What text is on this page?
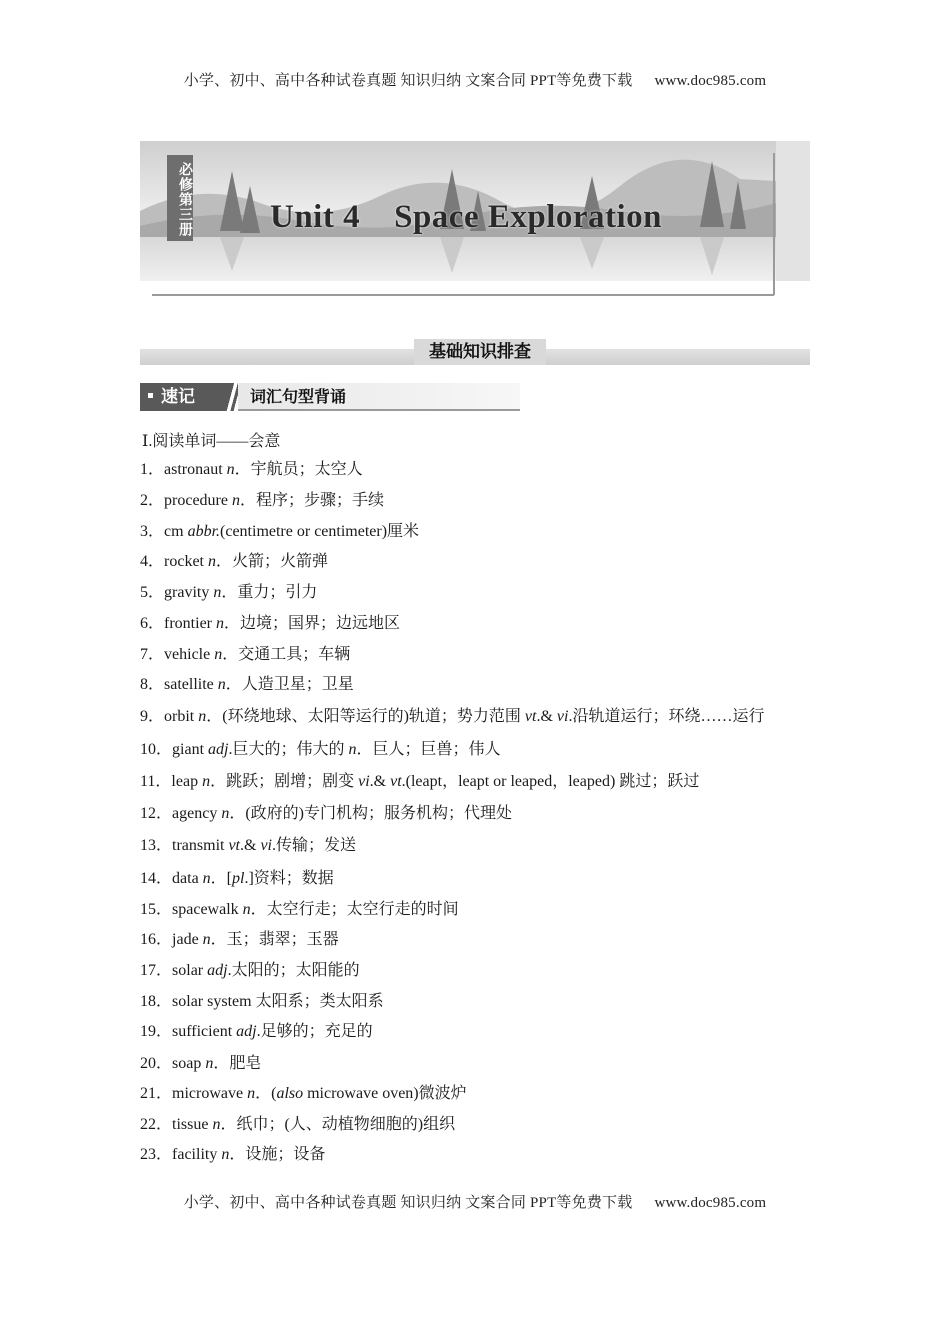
小学、初中、高中各种试卷真题 知识归纳 文案合同 PPT等免费下载 www.doc985.com
必修第三册 Unit 4 Space Exploration
基础知识排查
速记	词汇句型背诵
Ⅰ.阅读单词——会意
1．astronaut n．宇航员；太空人
2．procedure n．程序；步骤；手续
3．cm abbr.(centimetre or centimeter)厘米
4．rocket n．火箭；火箭弹
5．gravity n．重力；引力
6．frontier n．边境；国界；边远地区
7．vehicle n．交通工具；车辆
8．satellite n．人造卫星；卫星
9．orbit n．(环绕地球、太阳等运行的)轨道；势力范围 vt.& vi.沿轨道运行；环绕……运行
10．giant adj.巨大的；伟大的 n．巨人；巨兽；伟人
11．leap n．跳跃；剧增；剧变 vi.& vt.(leapt，leapt or leaped，leaped) 跳过；跃过
12．agency n．(政府的)专门机构；服务机构；代理处
13．transmit vt.& vi.传输；发送
14．data n．[pl.]资料；数据
15．spacewalk n．太空行走；太空行走的时间
16．jade n．玉；翡翠；玉器
17．solar adj.太阳的；太阳能的
18．solar system 太阳系；类太阳系
19．sufficient adj.足够的；充足的
20．soap n．肥皂
21．microwave n．(also microwave oven)微波炉
22．tissue n．纸巾；(人、动植物细胞的)组织
23．facility n．设施；设备
小学、初中、高中各种试卷真题 知识归纳 文案合同 PPT等免费下载 www.doc985.com
